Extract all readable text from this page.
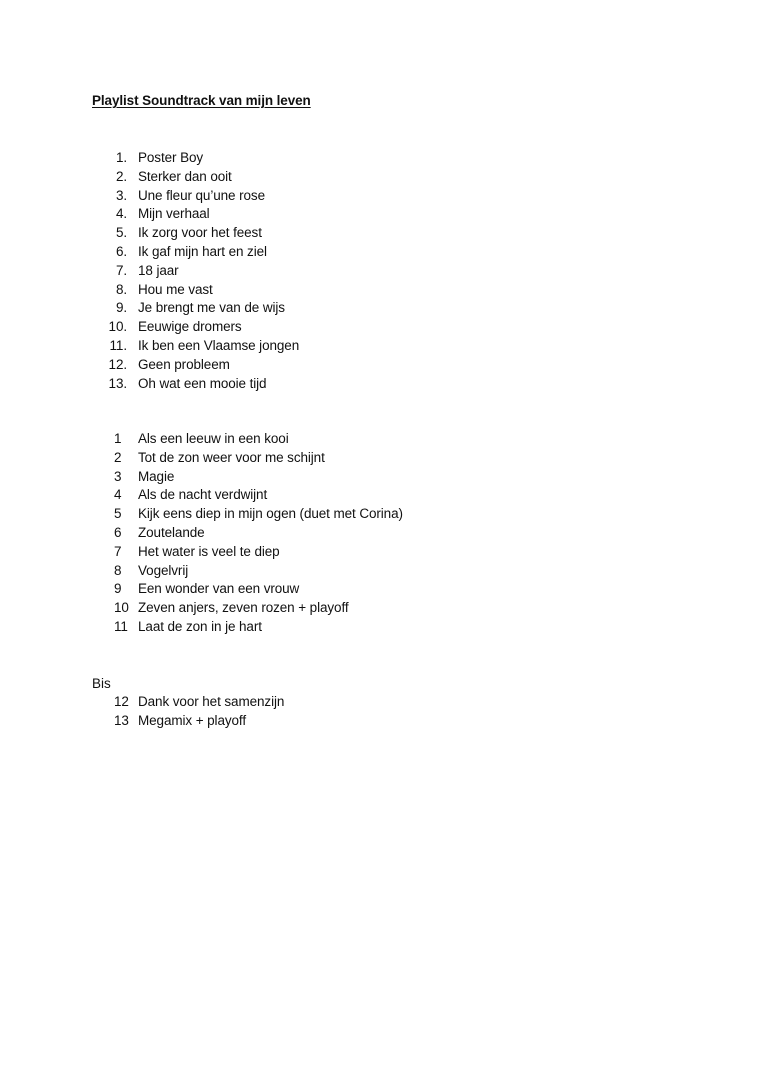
Playlist Soundtrack van mijn leven
1. Poster Boy
2. Sterker dan ooit
3. Une fleur qu’une rose
4. Mijn verhaal
5. Ik zorg voor het feest
6. Ik gaf mijn hart en ziel
7. 18 jaar
8. Hou me vast
9. Je brengt me van de wijs
10. Eeuwige dromers
11. Ik ben een Vlaamse jongen
12. Geen probleem
13. Oh wat een mooie tijd
1 Als een leeuw in een kooi
2 Tot de zon weer voor me schijnt
3 Magie
4 Als de nacht verdwijnt
5 Kijk eens diep in mijn ogen (duet met Corina)
6 Zoutelande
7 Het water is veel te diep
8 Vogelvrij
9 Een wonder van een vrouw
10 Zeven anjers, zeven rozen + playoff
11 Laat de zon in je hart
Bis
12 Dank voor het samenzijn
13 Megamix + playoff
